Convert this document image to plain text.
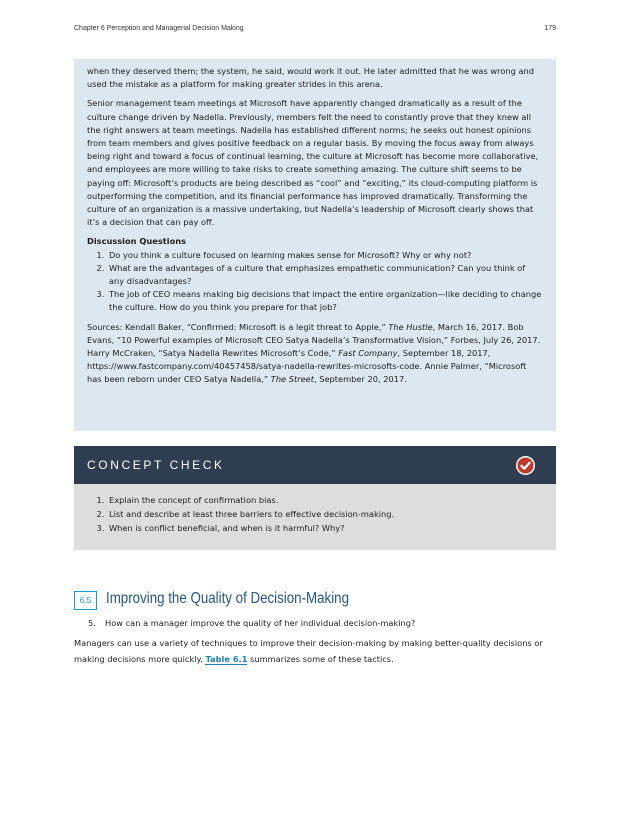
Chapter 6 Perception and Managerial Decision Making	179

when they deserved them; the system, he said, would work it out. He later admitted that he was wrong and used the mistake as a platform for making greater strides in this arena.

Senior management team meetings at Microsoft have apparently changed dramatically as a result of the culture change driven by Nadella. Previously, members felt the need to constantly prove that they knew all the right answers at team meetings. Nadella has established different norms; he seeks out honest opinions from team members and gives positive feedback on a regular basis. By moving the focus away from always being right and toward a focus of continual learning, the culture at Microsoft has become more collaborative, and employees are more willing to take risks to create something amazing. The culture shift seems to be paying off: Microsoft’s products are being described as “cool” and “exciting,” its cloud-computing platform is outperforming the competition, and its financial performance has improved dramatically. Transforming the culture of an organization is a massive undertaking, but Nadella’s leadership of Microsoft clearly shows that it’s a decision that can pay off.

Discussion Questions
1. Do you think a culture focused on learning makes sense for Microsoft? Why or why not?
2. What are the advantages of a culture that emphasizes empathetic communication? Can you think of any disadvantages?
3. The job of CEO means making big decisions that impact the entire organization—like deciding to change the culture. How do you think you prepare for that job?

Sources: Kendall Baker, “Confirmed: Microsoft is a legit threat to Apple,” The Hustle, March 16, 2017. Bob Evans, “10 Powerful examples of Microsoft CEO Satya Nadella’s Transformative Vision,” Forbes, July 26, 2017. Harry McCraken, “Satya Nadella Rewrites Microsoft’s Code,” Fast Company, September 18, 2017, https://www.fastcompany.com/40457458/satya-nadella-rewrites-microsofts-code. Annie Palmer, “Microsoft has been reborn under CEO Satya Nadella,” The Street, September 20, 2017.

CONCEPT CHECK
1. Explain the concept of confirmation bias.
2. List and describe at least three barriers to effective decision-making.
3. When is conflict beneficial, and when is it harmful? Why?
6.5 Improving the Quality of Decision-Making
5. How can a manager improve the quality of her individual decision-making?
Managers can use a variety of techniques to improve their decision-making by making better-quality decisions or making decisions more quickly. Table 6.1 summarizes some of these tactics.
